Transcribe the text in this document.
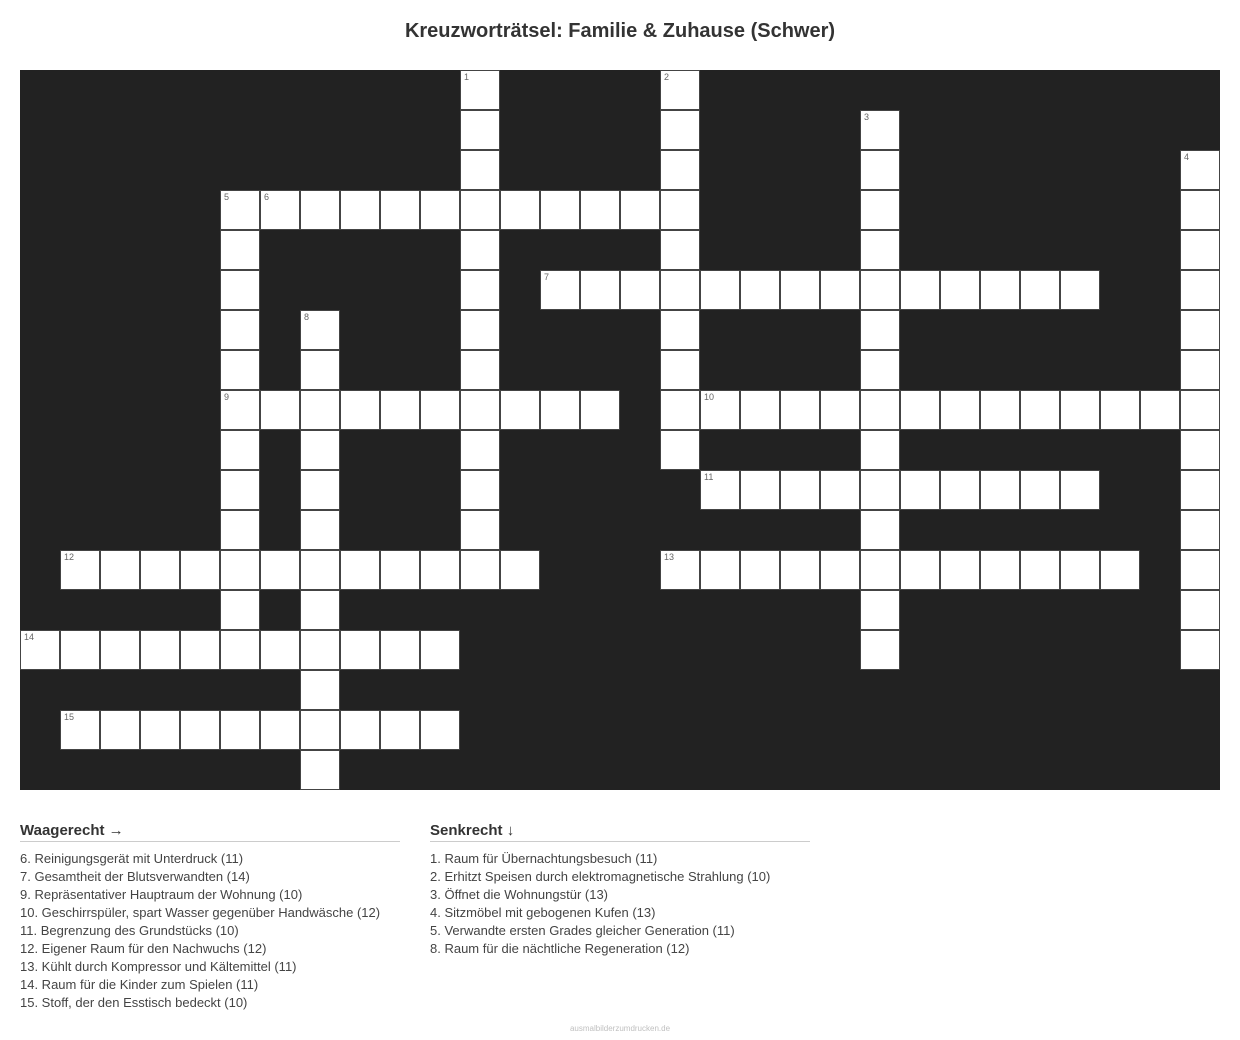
Kreuzworträtsel: Familie & Zuhause (Schwer)
1	2
3
4
5
9
6
7
8
10
11
12	13
14
15
Waagerecht →
6. Reinigungsgerät mit Unterdruck (11)
7. Gesamtheit der Blutsverwandten (14)
9. Repräsentativer Hauptraum der Wohnung (10)
10. Geschirrspüler, spart Wasser gegenüber Handwäsche (12)
11. Begrenzung des Grundstücks (10)
12. Eigener Raum für den Nachwuchs (12)
13. Kühlt durch Kompressor und Kältemittel (11)
14. Raum für die Kinder zum Spielen (11)
15. Stoff, der den Esstisch bedeckt (10)
Senkrecht ↓
1. Raum für Übernachtungsbesuch (11)
2. Erhitzt Speisen durch elektromagnetische Strahlung (10)
3. Öffnet die Wohnungstür (13)
4. Sitzmöbel mit gebogenen Kufen (13)
5. Verwandte ersten Grades gleicher Generation (11)
8. Raum für die nächtliche Regeneration (12)
ausmalbilderzumdrucken.de
